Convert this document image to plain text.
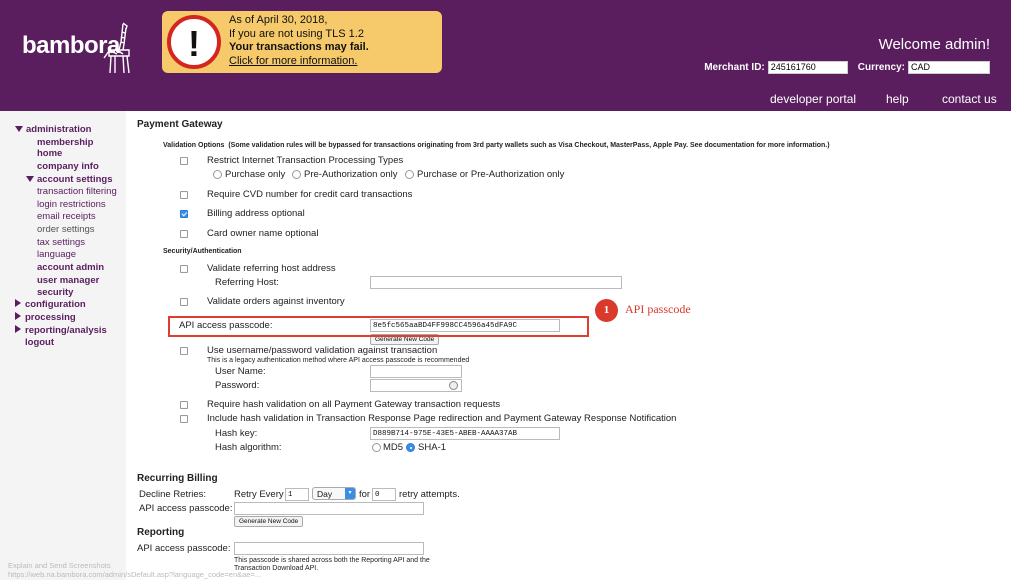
bambora	!
As of April 30, 2018,
If you are not using TLS 1.2
Your transactions may fail.
Click for more information.
Welcome admin!
Merchant ID: 245161760	Currency: CAD
developer portal help	contact us
administration
membership
home
company info
account settings
transaction filtering
login restrictions
email receipts
order settings
tax settings
language
account admin
user manager
security
configuration
processing
reporting/analysis
logout
Payment Gateway
Validation Options (Some validation rules will be bypassed for transactions originating from 3rd party wallets such as Visa Checkout, MasterPass, Apple Pay. See documentation for more information.)
Restrict Internet Transaction Processing Types
Purchase only Pre-Authorization only Purchase or Pre-Authorization only
Require CVD number for credit card transactions
Billing address optional
Card owner name optional
Security/Authentication
Validate referring host address
Referring Host:
Validate orders against inventory
API access passcode:	8e5fc565aaBD4FF998CC4596a45dFA9C
Generate New Code
Use username/password validation against transaction
This is a legacy authentication method where API access passcode is recommended
User Name:
Password:
Require hash validation on all Payment Gateway transaction requests
Include hash validation in Transaction Response Page redirection and Payment Gateway Response Notification
Hash key:	D889B714-975E-43E5-ABEB-AAAA37AB
Hash algorithm:	MD5 SHA-1
Recurring Billing
Decline Retries:	Retry Every 1	Day	▾ for 0	retry attempts.
API access passcode:
Generate New Code
Reporting
API access passcode:
This passcode is shared across both the Reporting API and the
Transaction Download API.
1	API passcode
Explain and Send Screenshots
https://web.na.bambora.com/admin/sDefault.asp?language_code=en&ae=...
